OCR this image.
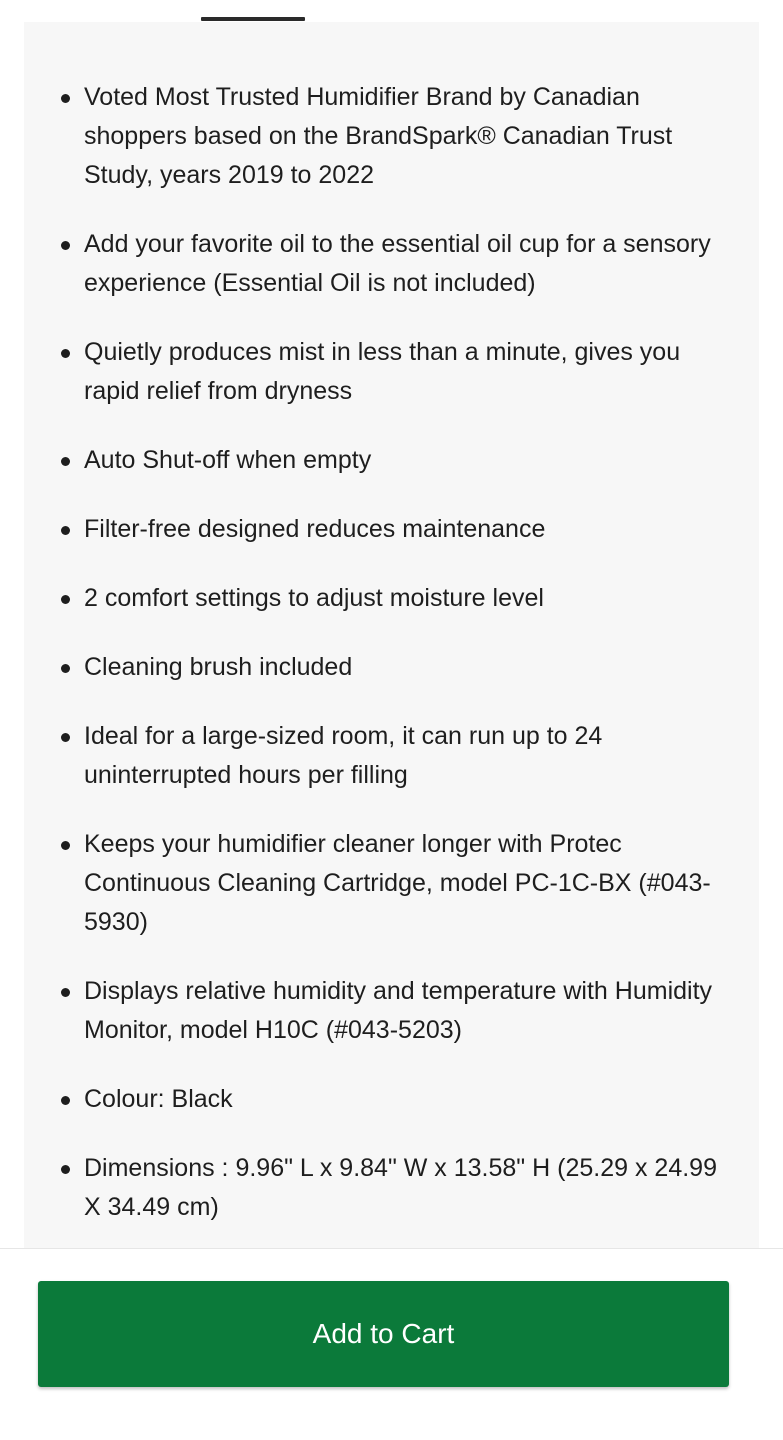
Voted Most Trusted Humidifier Brand by Canadian shoppers based on the BrandSpark® Canadian Trust Study, years 2019 to 2022
Add your favorite oil to the essential oil cup for a sensory experience (Essential Oil is not included)
Quietly produces mist in less than a minute, gives you rapid relief from dryness
Auto Shut-off when empty
Filter-free designed reduces maintenance
2 comfort settings to adjust moisture level
Cleaning brush included
Ideal for a large-sized room, it can run up to 24 uninterrupted hours per filling
Keeps your humidifier cleaner longer with Protec Continuous Cleaning Cartridge, model PC-1C-BX (#043-5930)
Displays relative humidity and temperature with Humidity Monitor, model H10C (#043-5203)
Colour: Black
Dimensions : 9.96" L x 9.84" W x 13.58" H (25.29 x 24.99 X 34.49 cm)
Add to Cart
